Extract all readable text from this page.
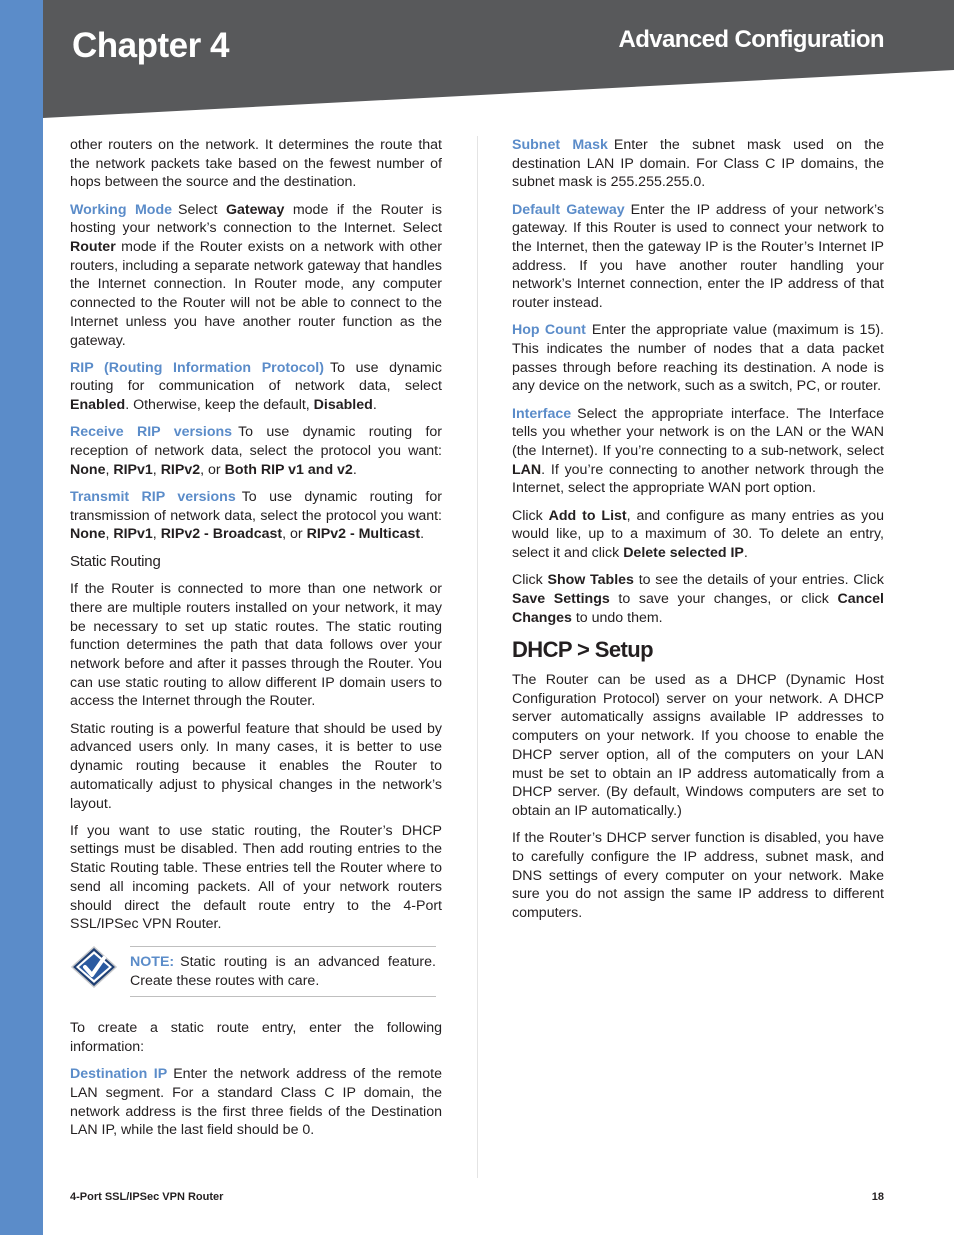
Chapter 4	Advanced Configuration

other routers on the network. It determines the route that the network packets take based on the fewest number of hops between the source and the destination.

Working Mode Select Gateway mode if the Router is hosting your network’s connection to the Internet. Select Router mode if the Router exists on a network with other routers, including a separate network gateway that handles the Internet connection. In Router mode, any computer connected to the Router will not be able to connect to the Internet unless you have another router function as the gateway.

RIP (Routing Information Protocol) To use dynamic routing for communication of network data, select Enabled. Otherwise, keep the default, Disabled.

Receive RIP versions To use dynamic routing for reception of network data, select the protocol you want: None, RIPv1, RIPv2, or Both RIP v1 and v2.

Transmit RIP versions To use dynamic routing for transmission of network data, select the protocol you want: None, RIPv1, RIPv2 - Broadcast, or RIPv2 - Multicast.

Static Routing

If the Router is connected to more than one network or there are multiple routers installed on your network, it may be necessary to set up static routes. The static routing function determines the path that data follows over your network before and after it passes through the Router. You can use static routing to allow different IP domain users to access the Internet through the Router.

Static routing is a powerful feature that should be used by advanced users only. In many cases, it is better to use dynamic routing because it enables the Router to automatically adjust to physical changes in the network’s layout.

If you want to use static routing, the Router’s DHCP settings must be disabled. Then add routing entries to the Static Routing table. These entries tell the Router where to send all incoming packets. All of your network routers should direct the default route entry to the 4-Port SSL/IPSec VPN Router.

NOTE: Static routing is an advanced feature. Create these routes with care.

To create a static route entry, enter the following information:

Destination IP Enter the network address of the remote LAN segment. For a standard Class C IP domain, the network address is the first three fields of the Destination LAN IP, while the last field should be 0.

Subnet Mask Enter the subnet mask used on the destination LAN IP domain. For Class C IP domains, the subnet mask is 255.255.255.0.

Default Gateway Enter the IP address of your network’s gateway. If this Router is used to connect your network to the Internet, then the gateway IP is the Router’s Internet IP address. If you have another router handling your network’s Internet connection, enter the IP address of that router instead.

Hop Count Enter the appropriate value (maximum is 15). This indicates the number of nodes that a data packet passes through before reaching its destination. A node is any device on the network, such as a switch, PC, or router.

Interface Select the appropriate interface. The Interface tells you whether your network is on the LAN or the WAN (the Internet). If you’re connecting to a sub-network, select LAN. If you’re connecting to another network through the Internet, select the appropriate WAN port option.

Click Add to List, and configure as many entries as you would like, up to a maximum of 30. To delete an entry, select it and click Delete selected IP.

Click Show Tables to see the details of your entries. Click Save Settings to save your changes, or click Cancel Changes to undo them.

DHCP > Setup

The Router can be used as a DHCP (Dynamic Host Configuration Protocol) server on your network. A DHCP server automatically assigns available IP addresses to computers on your network. If you choose to enable the DHCP server option, all of the computers on your LAN must be set to obtain an IP address automatically from a DHCP server. (By default, Windows computers are set to obtain an IP automatically.)

If the Router’s DHCP server function is disabled, you have to carefully configure the IP address, subnet mask, and DNS settings of every computer on your network. Make sure you do not assign the same IP address to different computers.

4-Port SSL/IPSec VPN Router	18
